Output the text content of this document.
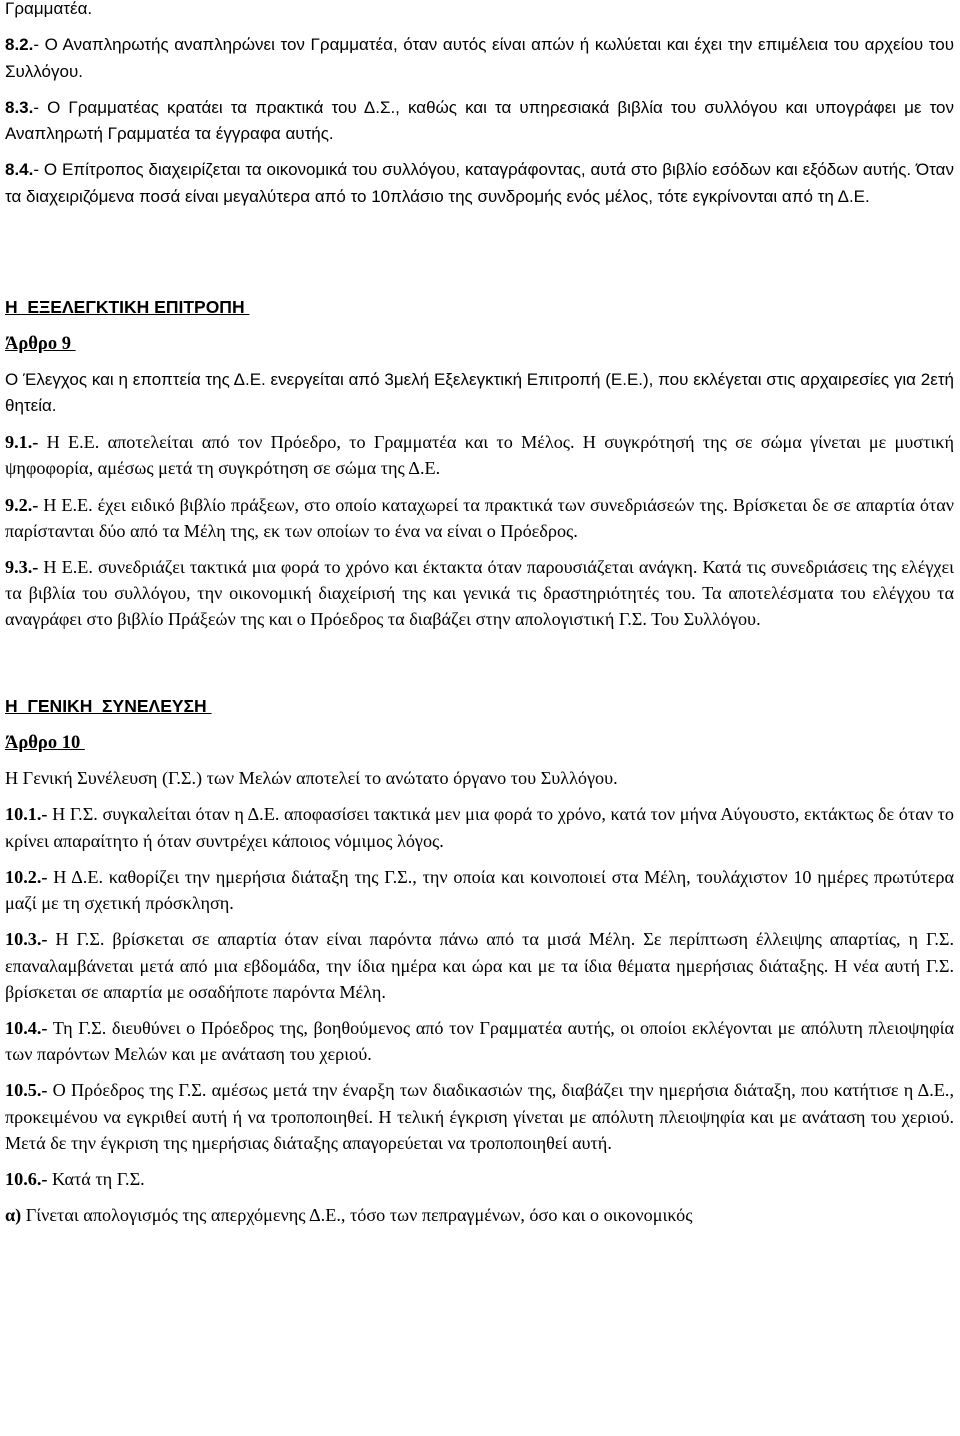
Γραμματέα.

8.2.- Ο Αναπληρωτής αναπληρώνει τον Γραμματέα, όταν αυτός είναι απών ή κωλύεται και έχει την επιμέλεια του αρχείου του Συλλόγου.

8.3.- Ο Γραμματέας κρατάει τα πρακτικά του Δ.Σ., καθώς και τα υπηρεσιακά βιβλία του συλλόγου και υπογράφει με τον Αναπληρωτή Γραμματέα τα έγγραφα αυτής.

8.4.- Ο Επίτροπος διαχειρίζεται τα οικονομικά του συλλόγου, καταγράφοντας, αυτά στο βιβλίο εσόδων και εξόδων αυτής. Όταν τα διαχειριζόμενα ποσά είναι μεγαλύτερα από το 10πλάσιο της συνδρομής ενός μέλος, τότε εγκρίνονται από τη Δ.Ε.

Η  ΕΞΕΛΕΓΚΤΙΚΗ ΕΠΙΤΡΟΠΗ

Άρθρο 9

Ο Έλεγχος και η εποπτεία της Δ.Ε. ενεργείται από 3μελή Εξελεγκτική Επιτροπή (Ε.Ε.), που εκλέγεται στις αρχαιρεσίες για 2ετή θητεία.

9.1.- Η Ε.Ε. αποτελείται από τον Πρόεδρο, το Γραμματέα και το Μέλος. Η συγκρότησή της σε σώμα γίνεται με μυστική ψηφοφορία, αμέσως μετά τη συγκρότηση σε σώμα της Δ.Ε.

9.2.- Η Ε.Ε. έχει ειδικό βιβλίο πράξεων, στο οποίο καταχωρεί τα πρακτικά των συνεδριάσεών της. Βρίσκεται δε σε απαρτία όταν παρίστανται δύο από τα Μέλη της, εκ των οποίων το ένα να είναι ο Πρόεδρος.

9.3.- Η Ε.Ε. συνεδριάζει τακτικά μια φορά το χρόνο και έκτακτα όταν παρουσιάζεται ανάγκη. Κατά τις συνεδριάσεις της ελέγχει τα βιβλία του συλλόγου, την οικονομική διαχείρισή της και γενικά τις δραστηριότητές του. Τα αποτελέσματα του ελέγχου τα αναγράφει στο βιβλίο Πράξεών της και ο Πρόεδρος τα διαβάζει στην απολογιστική Γ.Σ. Του Συλλόγου.

Η  ΓΕΝΙΚΗ  ΣΥΝΕΛΕΥΣΗ

Άρθρο 10

Η Γενική Συνέλευση (Γ.Σ.) των Μελών αποτελεί το ανώτατο όργανο του Συλλόγου.

10.1.- Η Γ.Σ. συγκαλείται όταν η Δ.Ε. αποφασίσει τακτικά μεν μια φορά το χρόνο, κατά τον μήνα Αύγουστο, εκτάκτως δε όταν το κρίνει απαραίτητο ή όταν συντρέχει κάποιος νόμιμος λόγος.

10.2.- Η Δ.Ε. καθορίζει την ημερήσια διάταξη της Γ.Σ., την οποία και κοινοποιεί στα Μέλη, τουλάχιστον 10 ημέρες πρωτύτερα μαζί με τη σχετική πρόσκληση.

10.3.- Η Γ.Σ. βρίσκεται σε απαρτία όταν είναι παρόντα πάνω από τα μισά Μέλη. Σε περίπτωση έλλειψης απαρτίας, η Γ.Σ. επαναλαμβάνεται μετά από μια εβδομάδα, την ίδια ημέρα και ώρα και με τα ίδια θέματα ημερήσιας διάταξης. Η νέα αυτή Γ.Σ. βρίσκεται σε απαρτία με οσαδήποτε παρόντα Μέλη.

10.4.- Τη Γ.Σ. διευθύνει ο Πρόεδρος της, βοηθούμενος από τον Γραμματέα αυτής, οι οποίοι εκλέγονται με απόλυτη πλειοψηφία των παρόντων Μελών και με ανάταση του χεριού.

10.5.- Ο Πρόεδρος της Γ.Σ. αμέσως μετά την έναρξη των διαδικασιών της, διαβάζει την ημερήσια διάταξη, που κατήτισε η Δ.Ε., προκειμένου να εγκριθεί αυτή ή να τροποποιηθεί. Η τελική έγκριση γίνεται με απόλυτη πλειοψηφία και με ανάταση του χεριού. Μετά δε την έγκριση της ημερήσιας διάταξης απαγορεύεται να τροποποιηθεί αυτή.

10.6.- Κατά τη Γ.Σ.

α) Γίνεται απολογισμός της απερχόμενης Δ.Ε., τόσο των πεπραγμένων, όσο και ο οικονομικός
